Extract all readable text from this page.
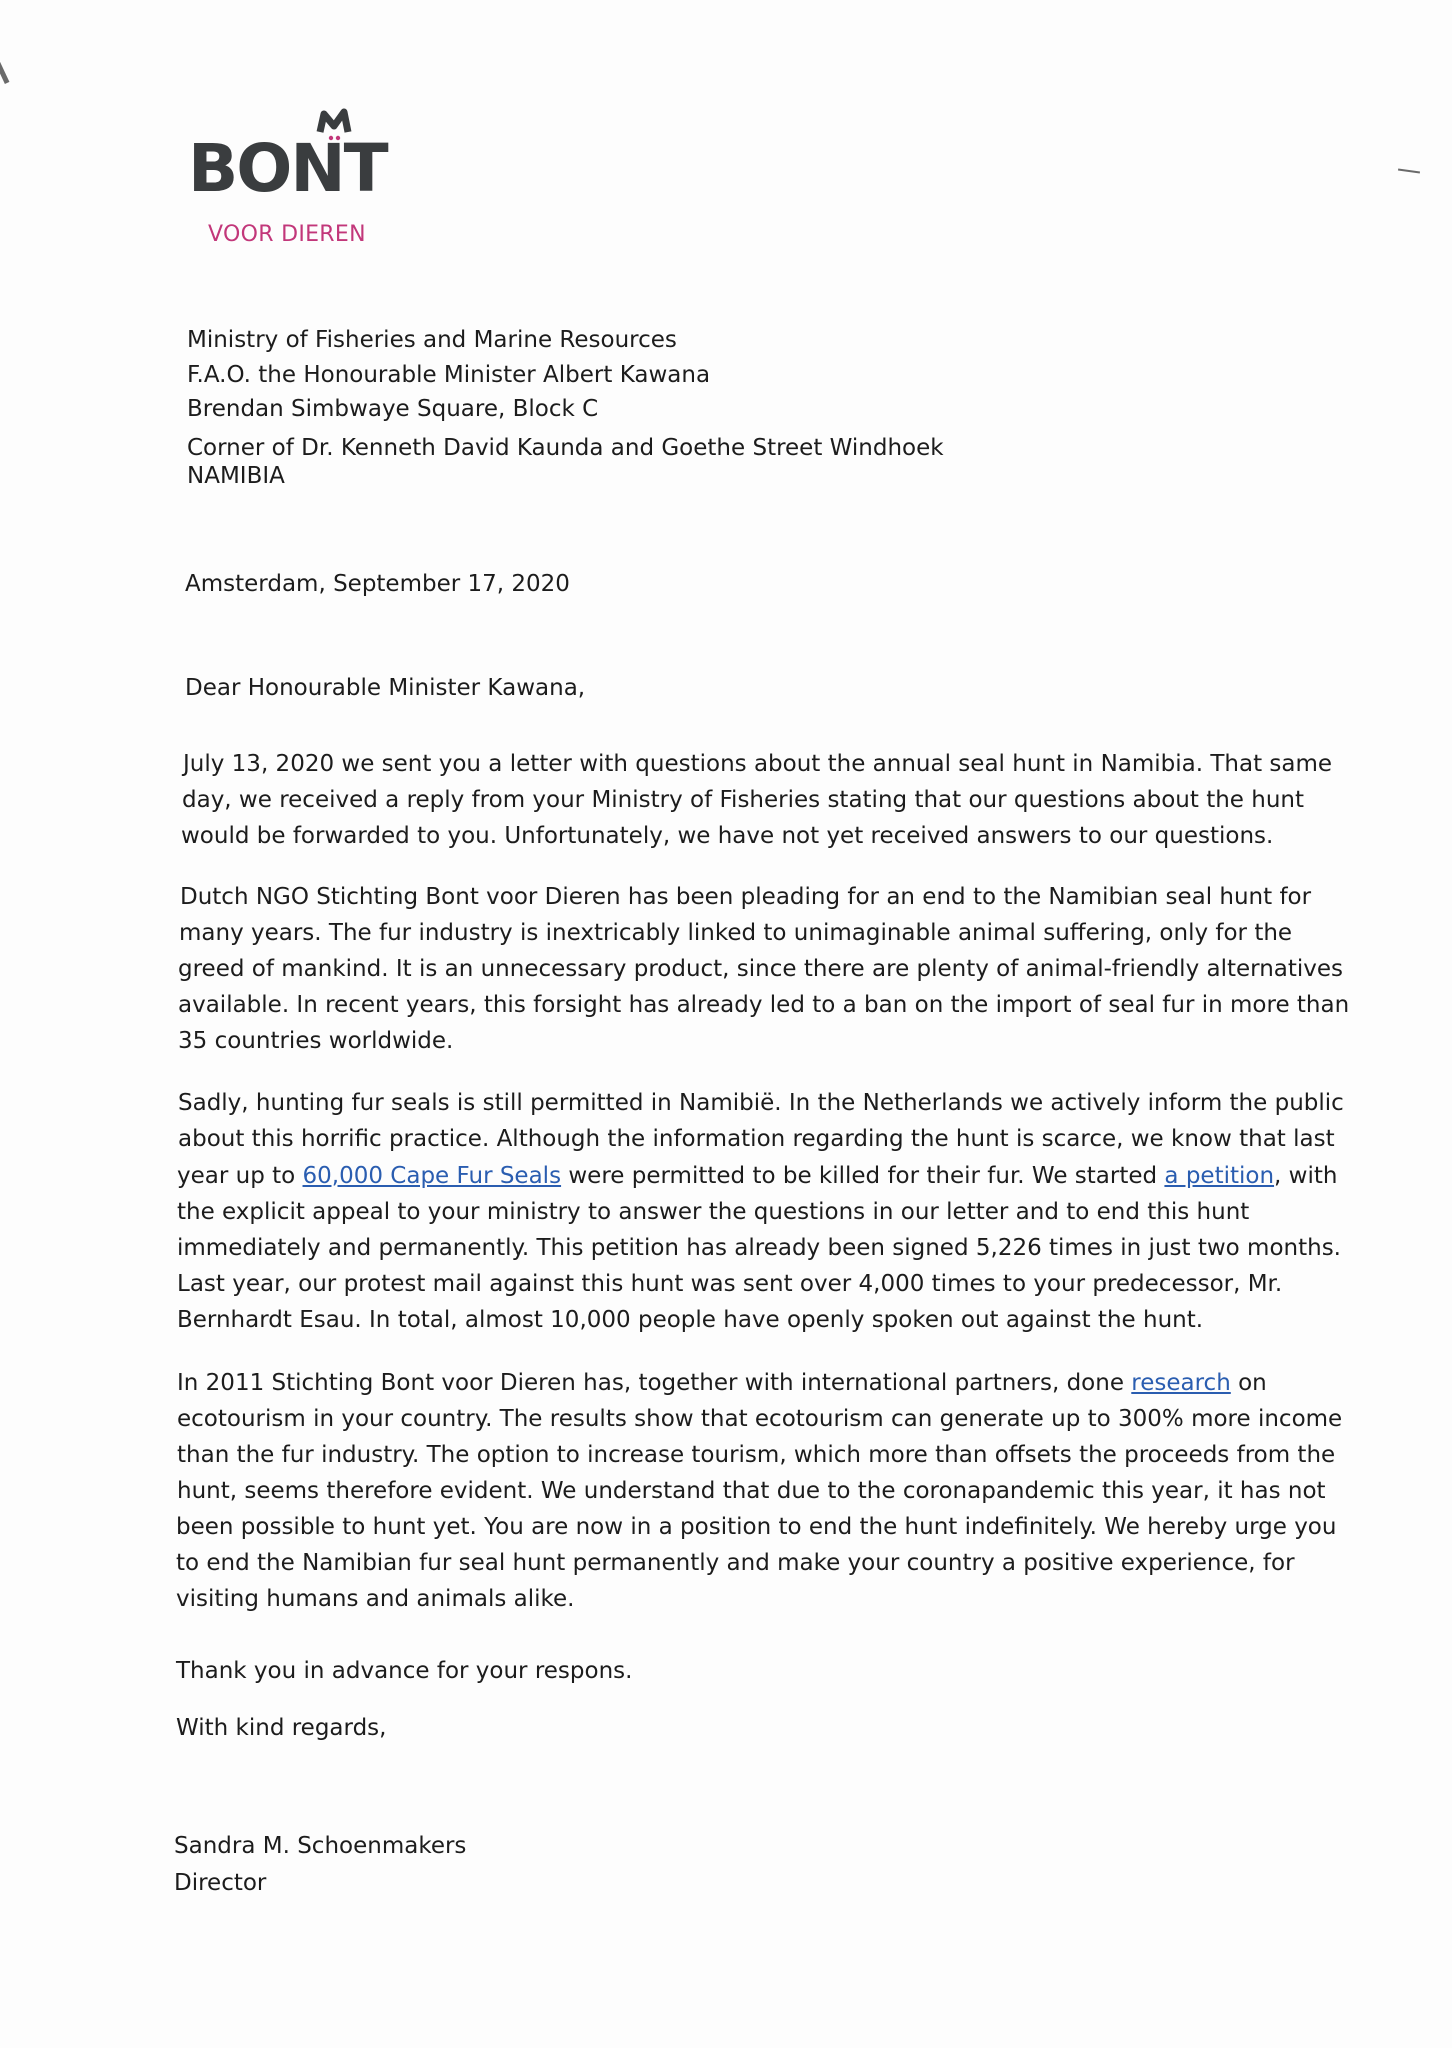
BONT
VOOR DIEREN
Ministry of Fisheries and Marine Resources
F.A.O. the Honourable Minister Albert Kawana
Brendan Simbwaye Square, Block C
Corner of Dr. Kenneth David Kaunda and Goethe Street Windhoek
NAMIBIA
Amsterdam, September 17, 2020
Dear Honourable Minister Kawana,
July 13, 2020 we sent you a letter with questions about the annual seal hunt in Namibia. That same
day, we received a reply from your Ministry of Fisheries stating that our questions about the hunt
would be forwarded to you. Unfortunately, we have not yet received answers to our questions.
Dutch NGO Stichting Bont voor Dieren has been pleading for an end to the Namibian seal hunt for
many years. The fur industry is inextricably linked to unimaginable animal suffering, only for the
greed of mankind. It is an unnecessary product, since there are plenty of animal-friendly alternatives
available. In recent years, this forsight has already led to a ban on the import of seal fur in more than
35 countries worldwide.
Sadly, hunting fur seals is still permitted in Namibië. In the Netherlands we actively inform the public
about this horrific practice. Although the information regarding the hunt is scarce, we know that last
year up to 60,000 Cape Fur Seals were permitted to be killed for their fur. We started a petition, with
the explicit appeal to your ministry to answer the questions in our letter and to end this hunt
immediately and permanently. This petition has already been signed 5,226 times in just two months.
Last year, our protest mail against this hunt was sent over 4,000 times to your predecessor, Mr.
Bernhardt Esau. In total, almost 10,000 people have openly spoken out against the hunt.
In 2011 Stichting Bont voor Dieren has, together with international partners, done research on
ecotourism in your country. The results show that ecotourism can generate up to 300% more income
than the fur industry. The option to increase tourism, which more than offsets the proceeds from the
hunt, seems therefore evident. We understand that due to the coronapandemic this year, it has not
been possible to hunt yet. You are now in a position to end the hunt indefinitely. We hereby urge you
to end the Namibian fur seal hunt permanently and make your country a positive experience, for
visiting humans and animals alike.
Thank you in advance for your respons.
With kind regards,
Sandra M. Schoenmakers
Director
